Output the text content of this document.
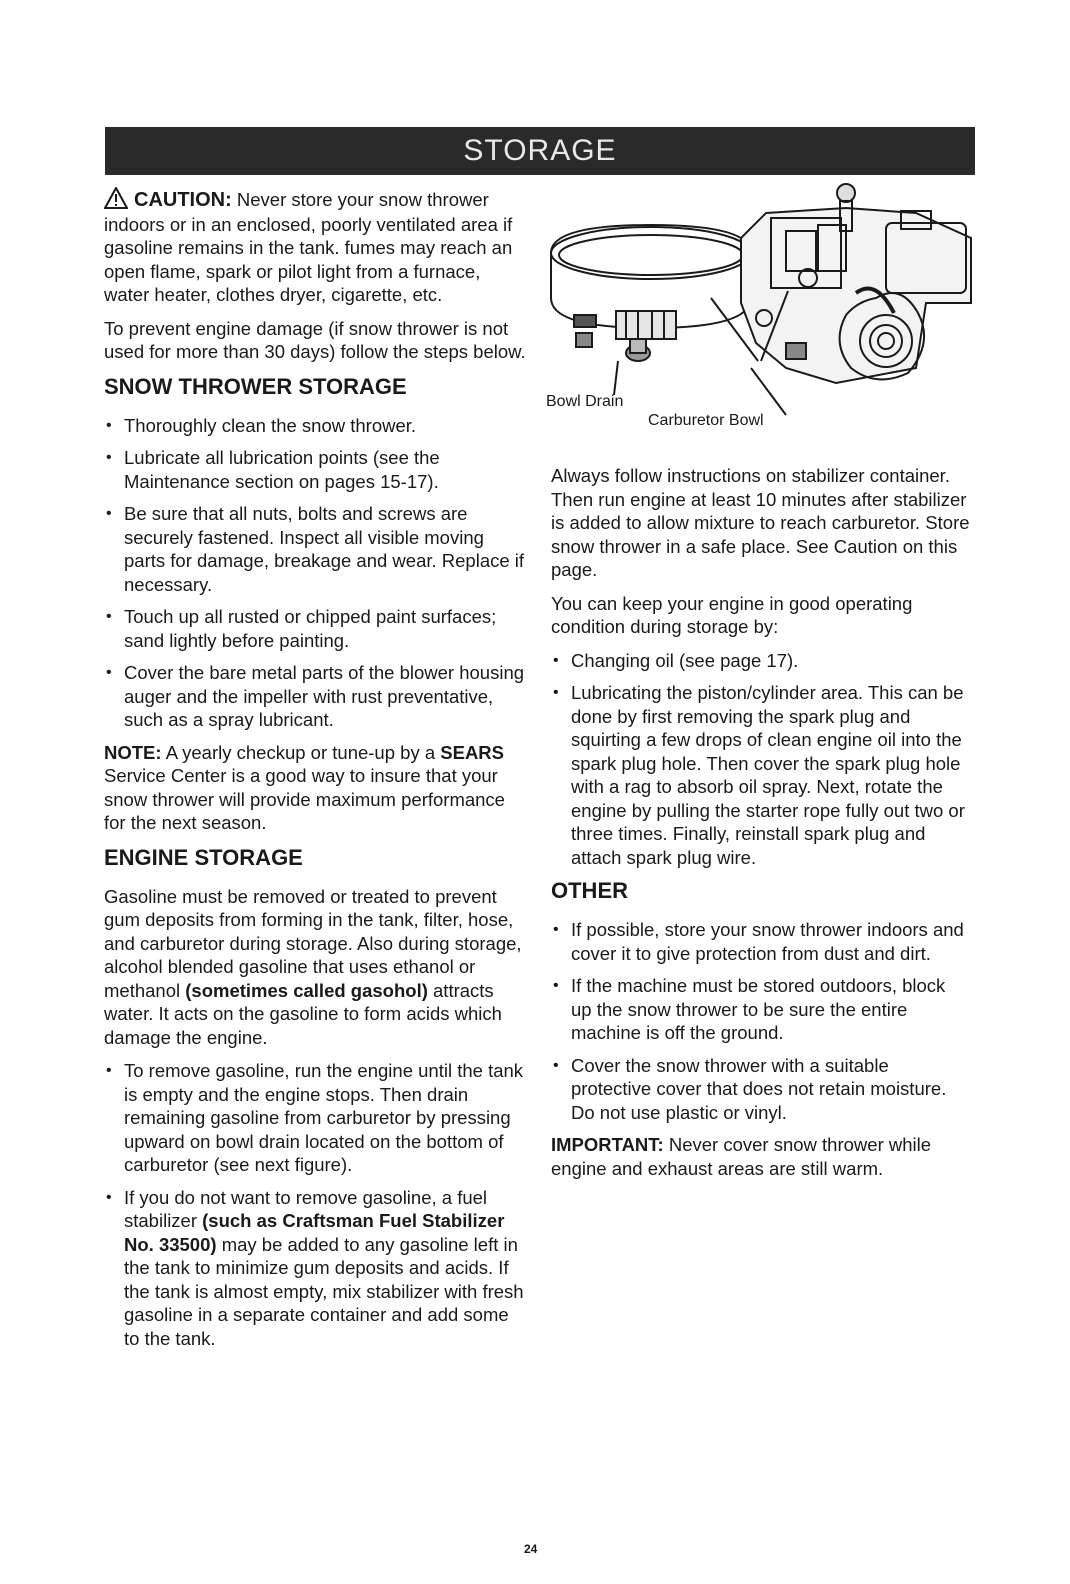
STORAGE

CAUTION: Never store your snow thrower indoors or in an enclosed, poorly ventilated area if gasoline remains in the tank. fumes may reach an open flame, spark or pilot light from a furnace, water heater, clothes dryer, cigarette, etc.

To prevent engine damage (if snow thrower is not used for more than 30 days) follow the steps below.

SNOW THROWER STORAGE
• Thoroughly clean the snow thrower.
• Lubricate all lubrication points (see the Maintenance section on pages 15-17).
• Be sure that all nuts, bolts and screws are securely fastened. Inspect all visible moving parts for damage, breakage and wear. Replace if necessary.
• Touch up all rusted or chipped paint surfaces; sand lightly before painting.
• Cover the bare metal parts of the blower housing auger and the impeller with rust preventative, such as a spray lubricant.

NOTE: A yearly checkup or tune-up by a SEARS Service Center is a good way to insure that your snow thrower will provide maximum performance for the next season.

ENGINE STORAGE

Gasoline must be removed or treated to prevent gum deposits from forming in the tank, filter, hose, and carburetor during storage. Also during storage, alcohol blended gasoline that uses ethanol or methanol (sometimes called gasohol) attracts water. It acts on the gasoline to form acids which damage the engine.

• To remove gasoline, run the engine until the tank is empty and the engine stops. Then drain remaining gasoline from carburetor by pressing upward on bowl drain located on the bottom of carburetor (see next figure).
• If you do not want to remove gasoline, a fuel stabilizer (such as Craftsman Fuel Stabilizer No. 33500) may be added to any gasoline left in the tank to minimize gum deposits and acids. If the tank is almost empty, mix stabilizer with fresh gasoline in a separate container and add some to the tank.
Bowl Drain
Carburetor Bowl

Always follow instructions on stabilizer container. Then run engine at least 10 minutes after stabilizer is added to allow mixture to reach carburetor. Store snow thrower in a safe place. See Caution on this page.

You can keep your engine in good operating condition during storage by:

• Changing oil (see page 17).
• Lubricating the piston/cylinder area. This can be done by first removing the spark plug and squirting a few drops of clean engine oil into the spark plug hole. Then cover the spark plug hole with a rag to absorb oil spray. Next, rotate the engine by pulling the starter rope fully out two or three times. Finally, reinstall spark plug and attach spark plug wire.
OTHER
• If possible, store your snow thrower indoors and cover it to give protection from dust and dirt.
• If the machine must be stored outdoors, block up the snow thrower to be sure the entire machine is off the ground.
• Cover the snow thrower with a suitable protective cover that does not retain moisture. Do not use plastic or vinyl.

IMPORTANT: Never cover snow thrower while engine and exhaust areas are still warm.

24
